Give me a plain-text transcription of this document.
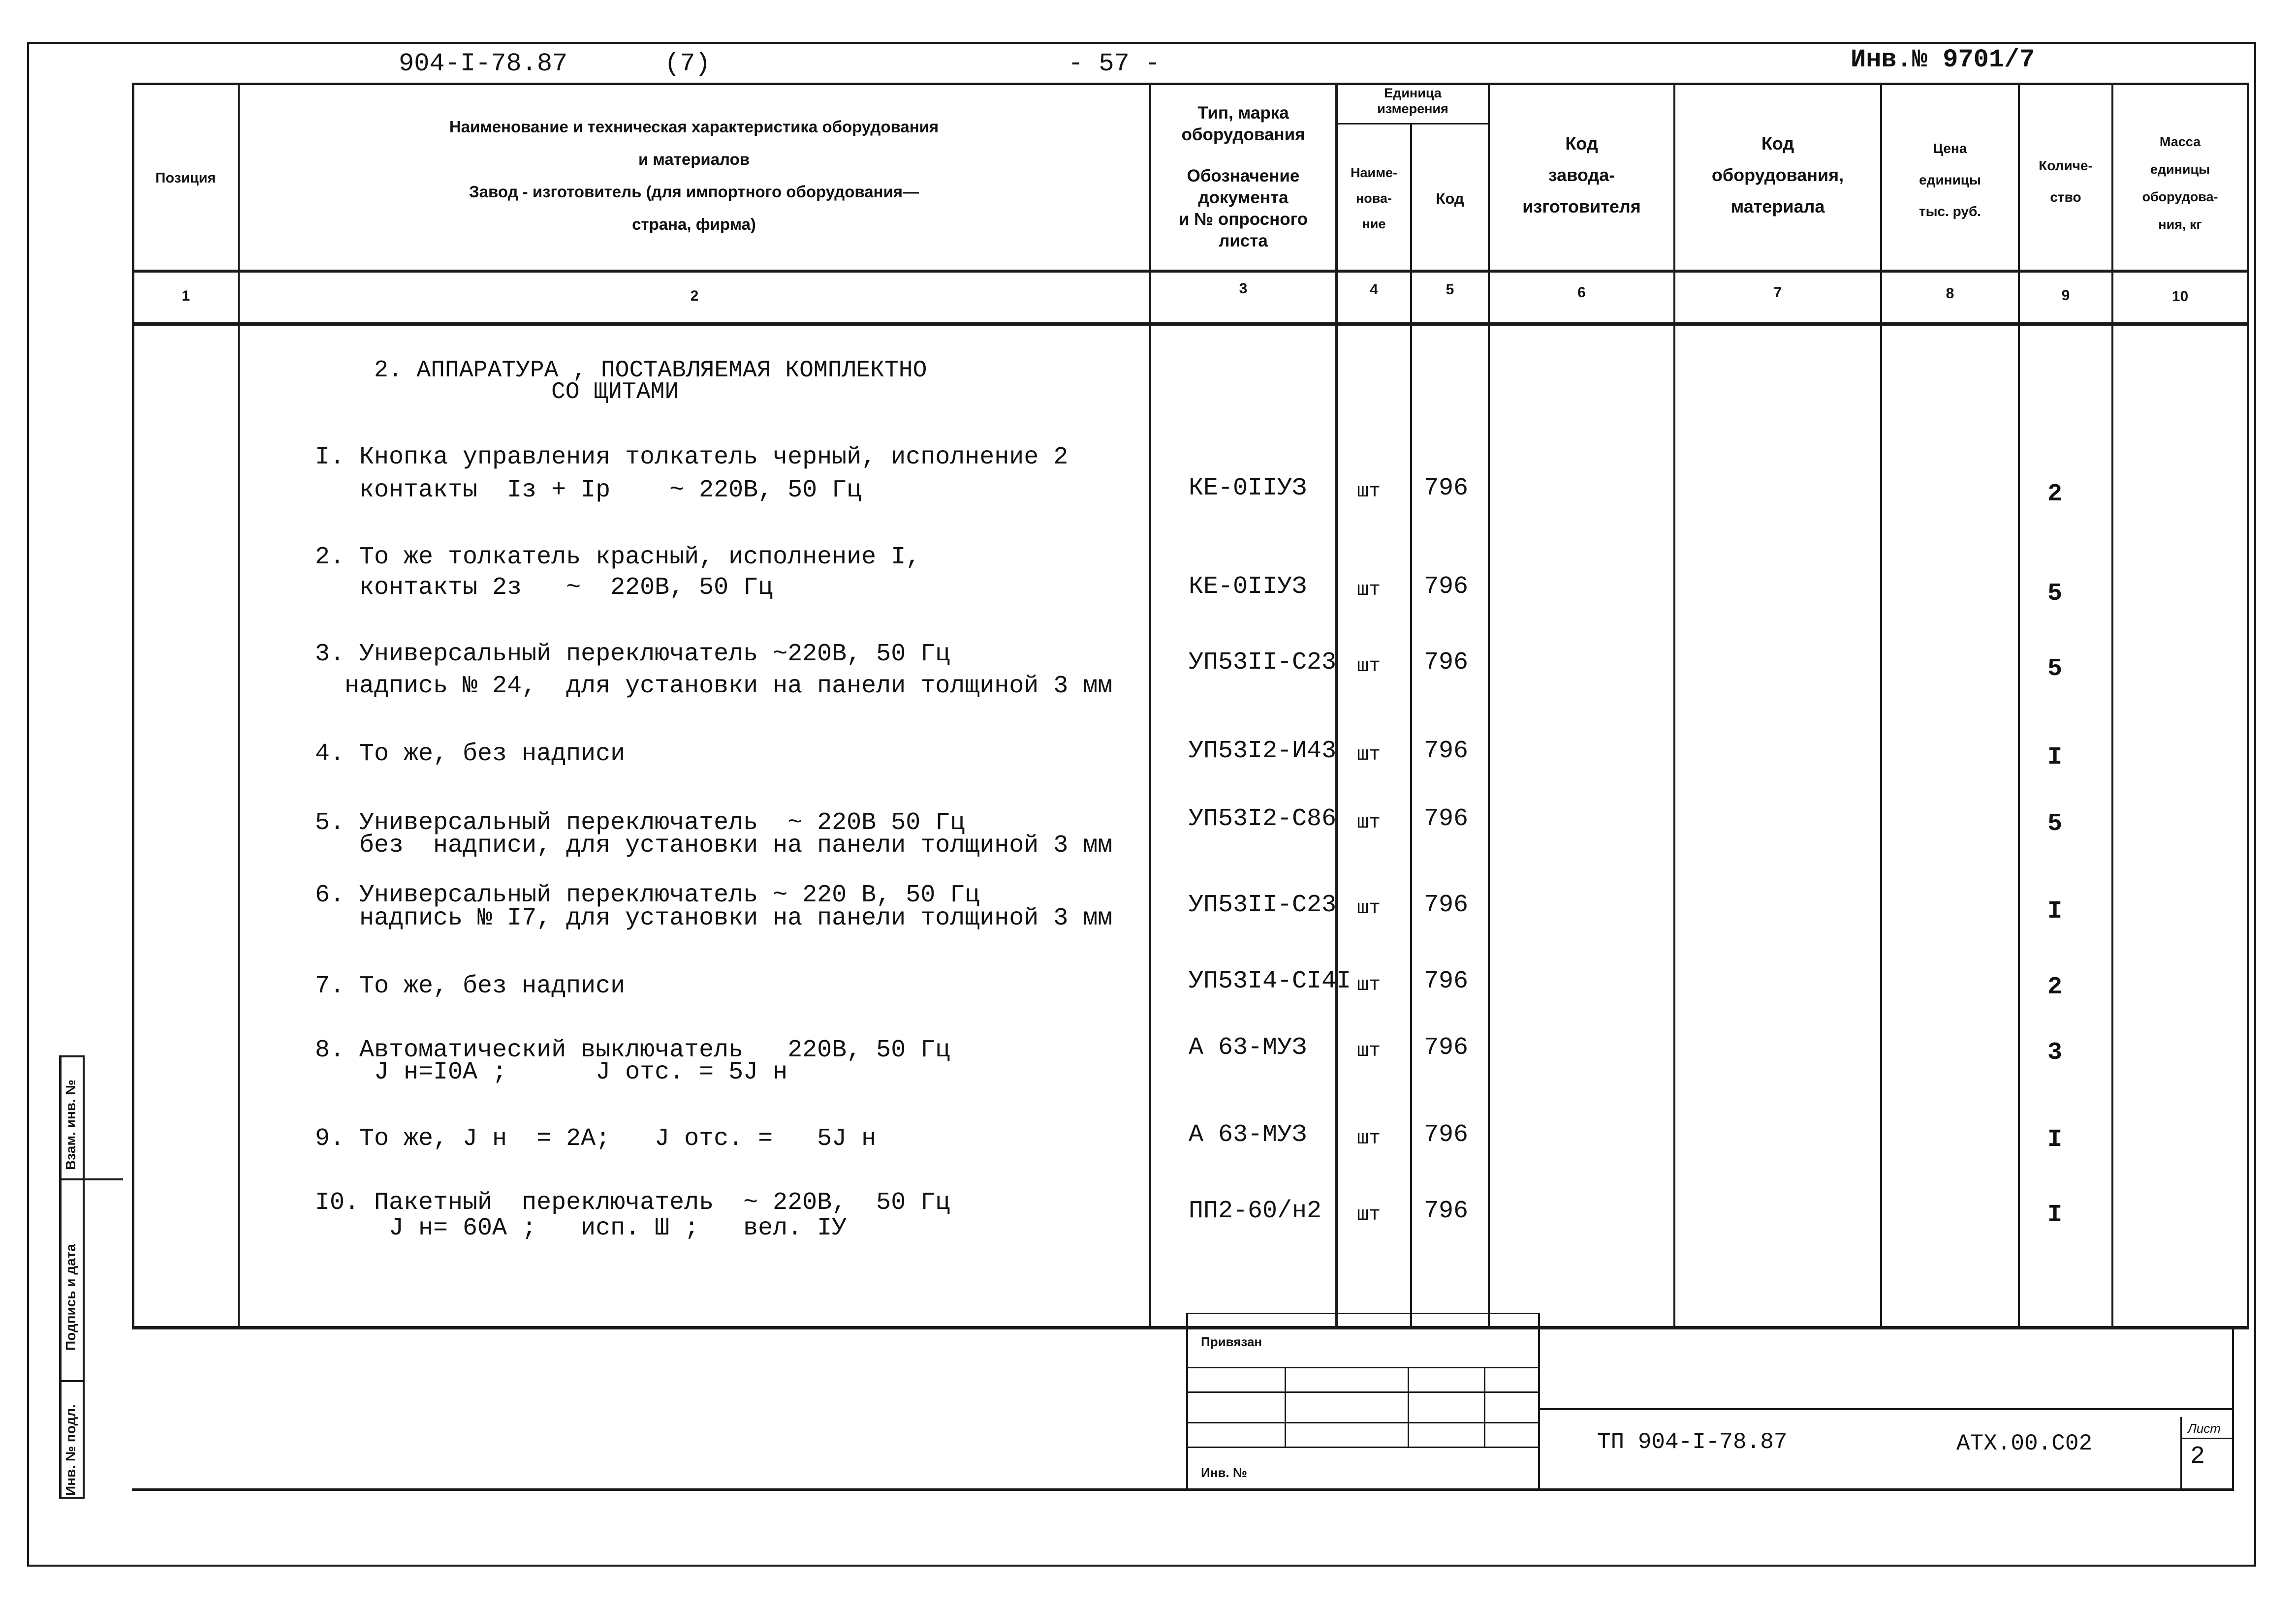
904-I-78.87	(7)	- 57 -	Инв.№ 9701/7
Позиция
Наименование и техническая характеристика оборудования
и материалов
Завод - изготовитель (для импортного оборудования—
страна, фирма)
Тип, марка
оборудования
Обозначение
документа
и № опросного
листа
Единица
измерения
Наиме-
нова-
ние
Код
Код
завода-
изготовителя
Код
оборудования,
материала
Цена
единицы
тыс. руб.
Количе-
ство
Масса
единицы
оборудова-
ния, кг
1	2	3	4	5	6	7	8	9	10
2. АППАРАТУРА , ПОСТАВЛЯЕМАЯ КОМПЛЕКТНО
СО ЩИТАМИ
I. Кнопка управления толкатель черный, исполнение 2
контакты  Iз + Iр    ~ 220В, 50 Гц	КЕ-0IIУЗ	шт 796	2
2. То же толкатель красный, исполнение I,
контакты 2з   ~  220В, 50 Гц	КЕ-0IIУЗ	шт 796	5
3. Универсальный переключатель ~220В, 50 Гц
надпись № 24,  для установки на панели толщиной 3 мм
УП53II-С23 шт 796	5
4. То же, без надписи	УП53I2-И43 шт 796	I
5. Универсальный переключатель  ~ 220В 50 Гц
без  надписи, для установки на панели толщиной 3 мм
УП53I2-С86 шт 796	5
6. Универсальный переключатель ~ 220 В, 50 Гц
надпись № I7, для установки на панели толщиной 3 мм	УП53II-С23 шт 796	I
7. То же, без надписи	УП53I4-СI4I шт 796	2
8. Автоматический выключатель   220В, 50 Гц
J н=I0А ;      J отс. = 5J н
А 63-МУЗ	шт 796	3
9. То же, J н  = 2А;   J отс. =   5J н	А 63-МУЗ	шт 796	I
I0. Пакетный  переключатель  ~ 220В,  50 Гц
J н= 60А ;   исп. Ш ;   вел. IУ
ПП2-60/н2 шт 796	I
Привязан
Инв. №
ТП 904-I-78.87	АТХ.00.С02
Лист
2
Инв. № подл.
Подпись и дата
Взам. инв. №
